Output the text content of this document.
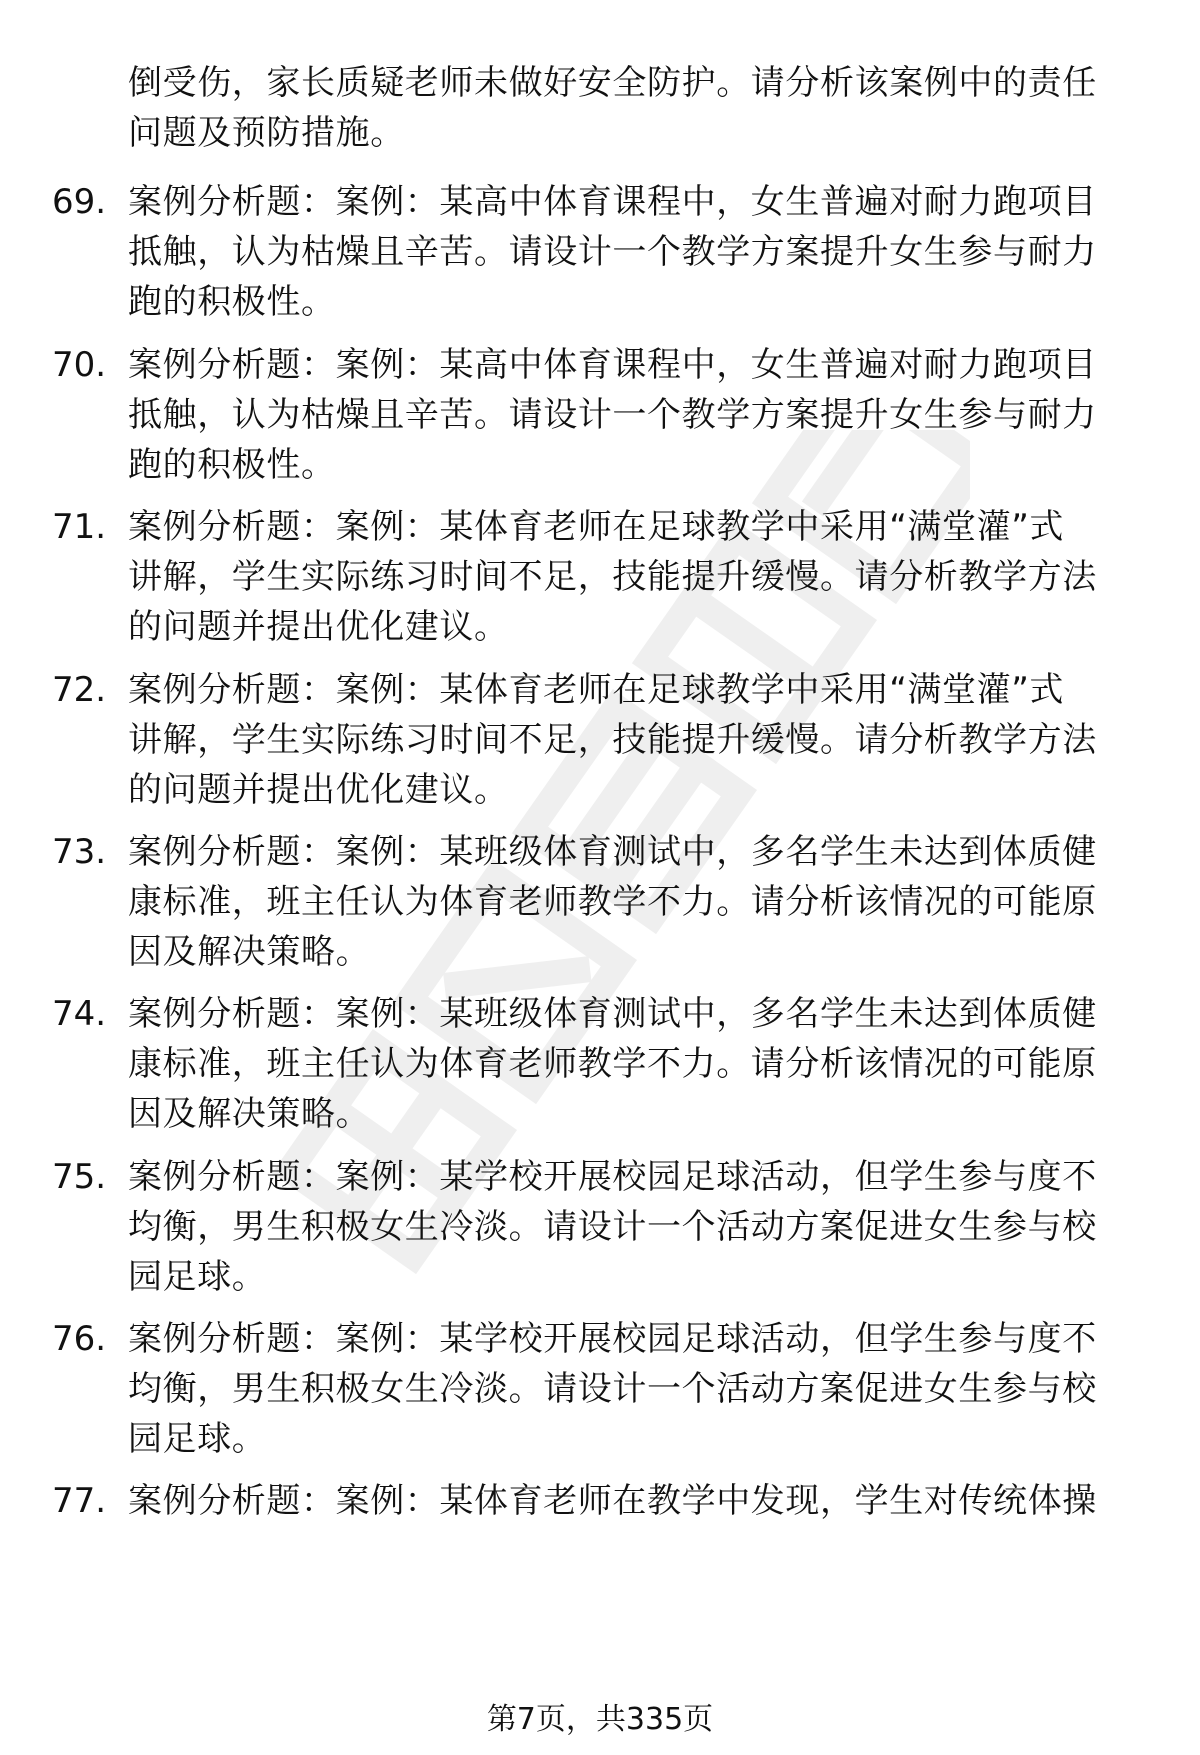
倒受伤，家长质疑老师未做好安全防护。请分析该案例中的责任
问题及预防措施。
69. 案例分析题：案例：某高中体育课程中，女生普遍对耐力跑项目
抵触，认为枯燥且辛苦。请设计一个教学方案提升女生参与耐力
跑的积极性。
70. 案例分析题：案例：某高中体育课程中，女生普遍对耐力跑项目
抵触，认为枯燥且辛苦。请设计一个教学方案提升女生参与耐力
跑的积极性。
71. 案例分析题：案例：某体育老师在足球教学中采用“满堂灌”式
讲解，学生实际练习时间不足，技能提升缓慢。请分析教学方法
的问题并提出优化建议。
72. 案例分析题：案例：某体育老师在足球教学中采用“满堂灌”式
讲解，学生实际练习时间不足，技能提升缓慢。请分析教学方法
的问题并提出优化建议。
73. 案例分析题：案例：某班级体育测试中，多名学生未达到体质健
康标准，班主任认为体育老师教学不力。请分析该情况的可能原
因及解决策略。
74. 案例分析题：案例：某班级体育测试中，多名学生未达到体质健
康标准，班主任认为体育老师教学不力。请分析该情况的可能原
因及解决策略。
75. 案例分析题：案例：某学校开展校园足球活动，但学生参与度不
均衡，男生积极女生冷淡。请设计一个活动方案促进女生参与校
园足球。
76. 案例分析题：案例：某学校开展校园足球活动，但学生参与度不
均衡，男生积极女生冷淡。请设计一个活动方案促进女生参与校
园足球。
77. 案例分析题：案例：某体育老师在教学中发现，学生对传统体操
第7页，共335页
